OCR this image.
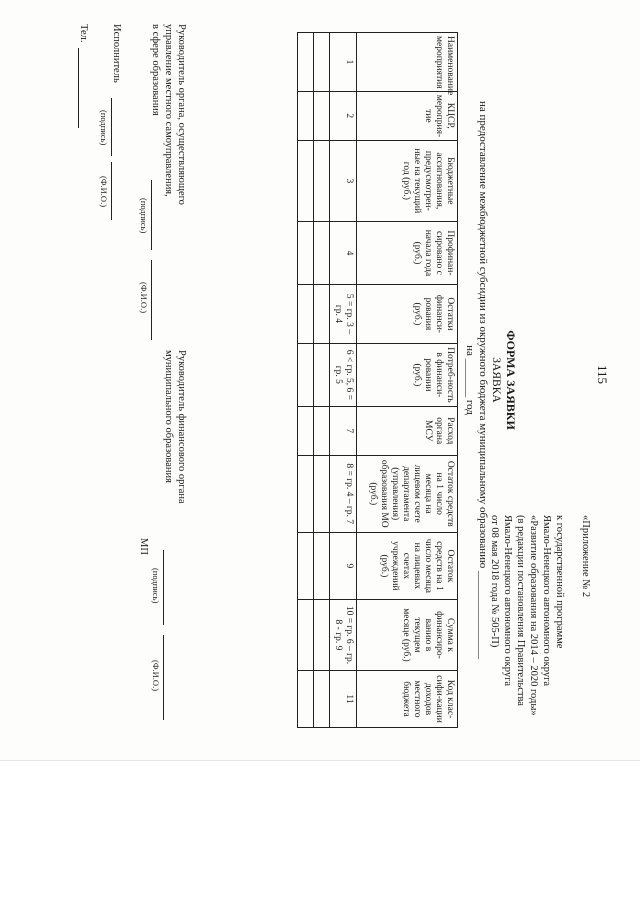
115
«Приложение № 2

к государственной программе
Ямало-Ненецкого автономного округа
«Развитие образования на 2014 – 2020 годы»
(в редакции постановления Правительства
Ямало-Ненецкого автономного округа
от 08 мая 2018 года № 505-П)
ФОРМА ЗАЯВКИ
ЗАЯВКА
на предоставление межбюджетной субсидии из окружного бюджета муниципальному образованию ________________
на _______ год
Наименование мероприятия	КЦСР, мероприя-тие	Бюджетные ассигнования, предусмотрен-ные на текущий год (руб.)	Профинан-сировано с начала года (руб.)	Остатки финанси-рования (руб.)	Потреб-ность в финанси-ровании (руб.)	Расход органа МСУ	Остаток средств на 1 число месяца на лицевом счете департамента (управления) образования МО (руб.)	Остаток средств на 1 число месяца на лицевых счетах учреждений (руб.)	Сумма к финансиро-ванию в текущем месяце (руб.)	Код клас-сифи-кации доходов местного бюджета
1	2	3	4	5 = гр. 3 – гр. 4	6 < гр. 5, 6 = гр. 5	7	8 = гр. 4 – гр. 7	9	10 = гр. 6 – гр. 8 - гр. 9	11

Руководитель органа, осуществляющего
управление местного самоуправления,
в сфере образования
(подпись)
(Ф.И.О.)
Руководитель финансового органа
муниципального образования
(подпись)
(Ф.И.О.)
МП
Исполнитель
(подпись)
(Ф.И.О.)
Тел.
